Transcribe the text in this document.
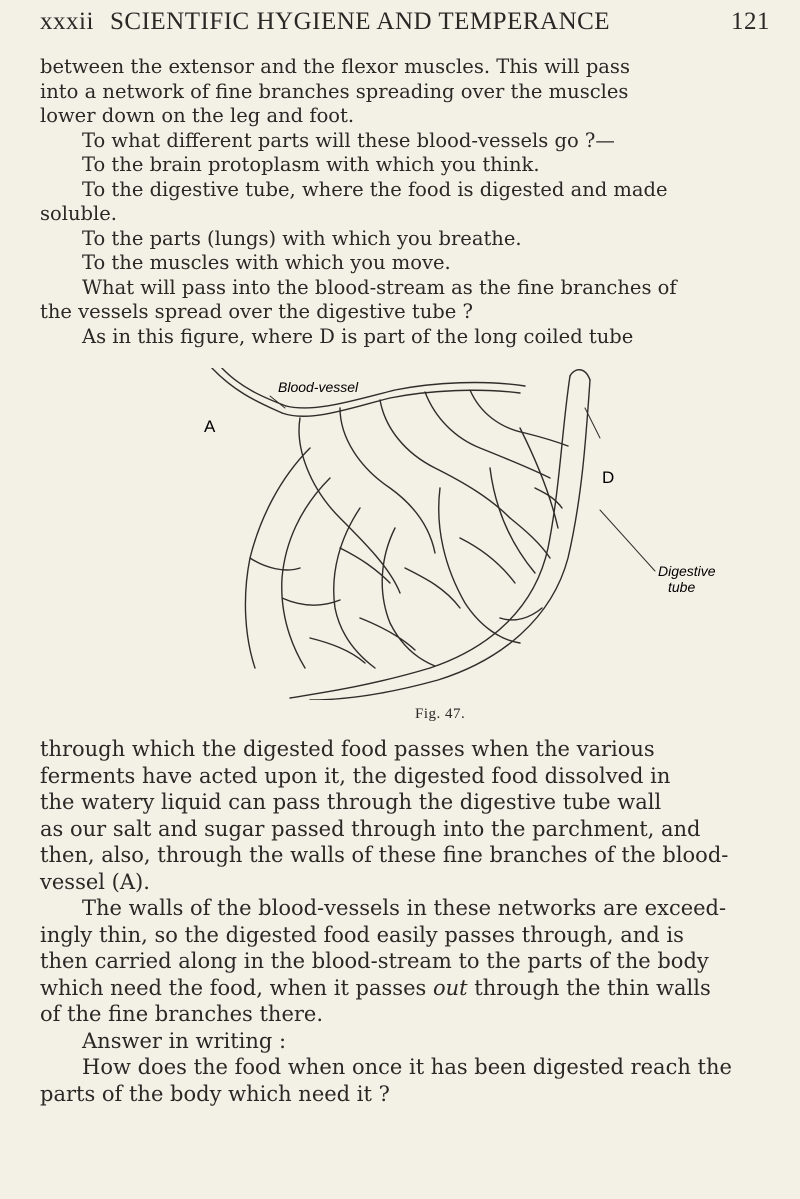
xxxii SCIENTIFIC HYGIENE AND TEMPERANCE	121
between the extensor and the flexor muscles. This will pass
into a network of fine branches spreading over the muscles
lower down on the leg and foot.
To what different parts will these blood-vessels go ?—
To the brain protoplasm with which you think.
To the digestive tube, where the food is digested and made
soluble.
To the parts (lungs) with which you breathe.
To the muscles with which you move.
What will pass into the blood-stream as the fine branches of
the vessels spread over the digestive tube ?
As in this figure, where D is part of the long coiled tube
Blood-vessel
A
D
Digestive
tube
Fig. 47.
through which the digested food passes when the various
ferments have acted upon it, the digested food dissolved in
the watery liquid can pass through the digestive tube wall
as our salt and sugar passed through into the parchment, and
then, also, through the walls of these fine branches of the blood-
vessel (A).
The walls of the blood-vessels in these networks are exceed-
ingly thin, so the digested food easily passes through, and is
then carried along in the blood-stream to the parts of the body
which need the food, when it passes out through the thin walls
of the fine branches there.
Answer in writing :
How does the food when once it has been digested reach the
parts of the body which need it ?
